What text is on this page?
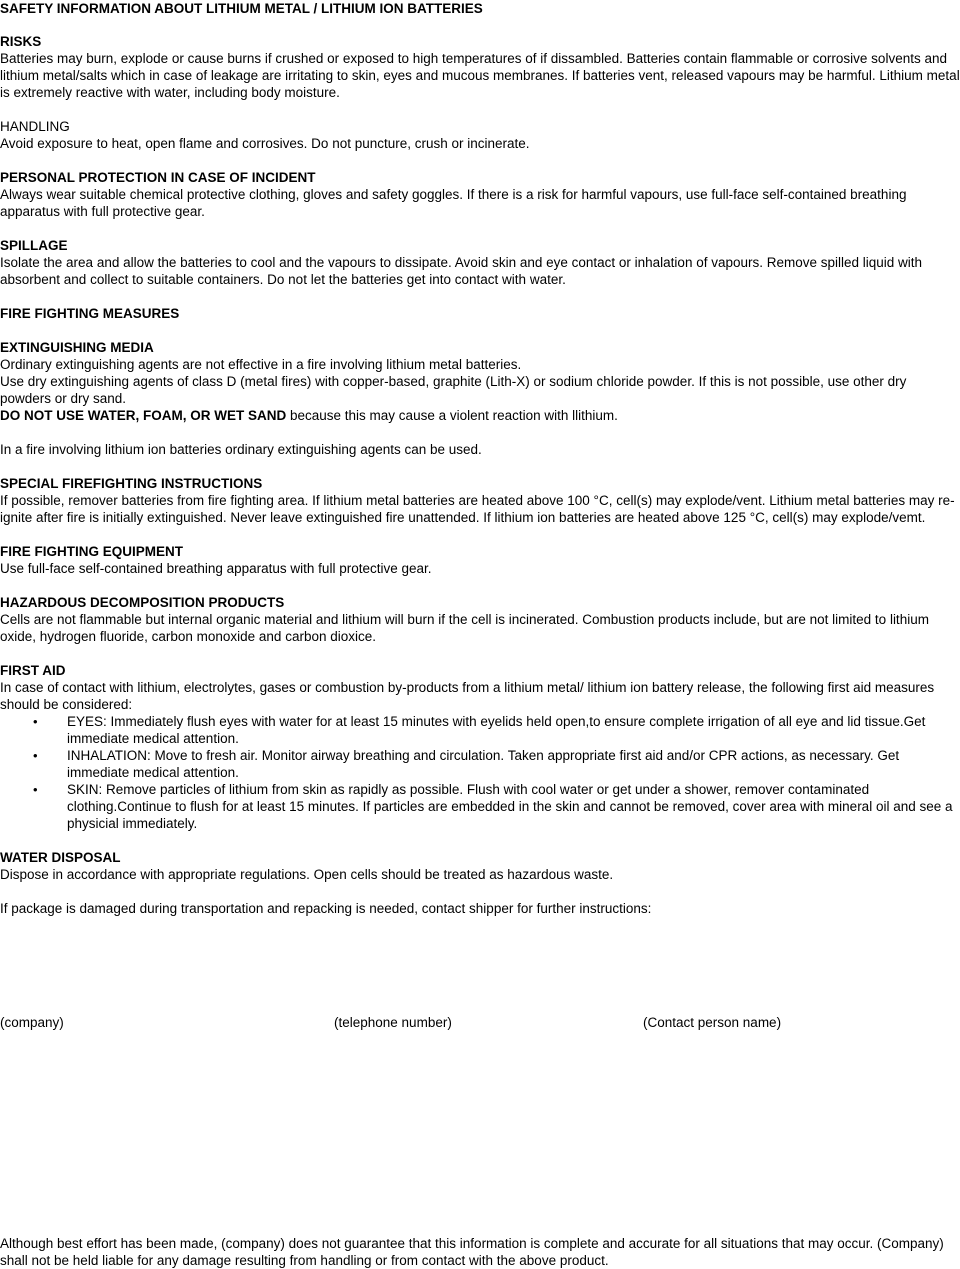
SAFETY INFORMATION ABOUT LITHIUM METAL / LITHIUM ION BATTERIES
RISKS

Batteries may burn, explode or cause burns if crushed or exposed to high temperatures of if dissambled. Batteries contain flammable or corrosive solvents and lithium metal/salts which in case of leakage are irritating to skin, eyes and mucous membranes. If batteries vent, released vapours may be harmful. Lithium metal is extremely reactive with water, including body moisture.

HANDLING

Avoid exposure to heat, open flame and corrosives. Do not puncture, crush or incinerate.

PERSONAL PROTECTION IN CASE OF INCIDENT

Always wear suitable chemical protective clothing, gloves and safety goggles. If there is a risk for harmful vapours, use full-face self-contained breathing apparatus with full protective gear.

SPILLAGE

Isolate the area and allow the batteries to cool and the vapours to dissipate. Avoid skin and eye contact or inhalation of vapours. Remove spilled liquid with absorbent and collect to suitable containers. Do not let the batteries get into contact with water.

FIRE FIGHTING MEASURES
EXTINGUISHING MEDIA

Ordinary extinguishing agents are not effective in a fire involving lithium metal batteries.

Use dry extinguishing agents of class D (metal fires) with copper-based, graphite (Lith-X) or sodium chloride powder. If this is not possible, use other dry powders or dry sand.

DO NOT USE WATER, FOAM, OR WET SAND because this may cause a violent reaction with llithium.

In a fire involving lithium ion batteries ordinary extinguishing agents can be used.

SPECIAL FIREFIGHTING INSTRUCTIONS

If possible, remover batteries from fire fighting area. If lithium metal batteries are heated above 100 °C, cell(s) may explode/vent. Lithium metal batteries may re-ignite after fire is initially extinguished. Never leave extinguished fire unattended. If lithium ion batteries are heated above 125 °C, cell(s) may explode/vemt.

FIRE FIGHTING EQUIPMENT

Use full-face self-contained breathing apparatus with full protective gear.

HAZARDOUS DECOMPOSITION PRODUCTS

Cells are not flammable but internal organic material and lithium will burn if the cell is incinerated. Combustion products include, but are not limited to lithium oxide, hydrogen fluoride, carbon monoxide and carbon dioxice.

FIRST AID

In case of contact with lithium, electrolytes, gases or combustion by-products from a lithium metal/ lithium ion battery release, the following first aid measures should be considered:

• EYES: Immediately flush eyes with water for at least 15 minutes with eyelids held open,to ensure complete irrigation of all eye and lid tissue.Get immediate medical attention.
• INHALATION: Move to fresh air. Monitor airway breathing and circulation. Taken appropriate first aid and/or CPR actions, as necessary. Get immediate medical attention.
• SKIN: Remove particles of lithium from skin as rapidly as possible. Flush with cool water or get under a shower, remover contaminated clothing.Continue to flush for at least 15 minutes. If particles are embedded in the skin and cannot be removed, cover area with mineral oil and see a physicial immediately.
WATER DISPOSAL

Dispose in accordance with appropriate regulations. Open cells should be treated as hazardous waste.

If package is damaged during transportation and repacking is needed, contact shipper for further instructions:

(company)	(telephone number)	(Contact person name)

Although best effort has been made, (company) does not guarantee that this information is complete and accurate for all situations that may occur. (Company) shall not be held liable for any damage resulting from handling or from contact with the above product.
